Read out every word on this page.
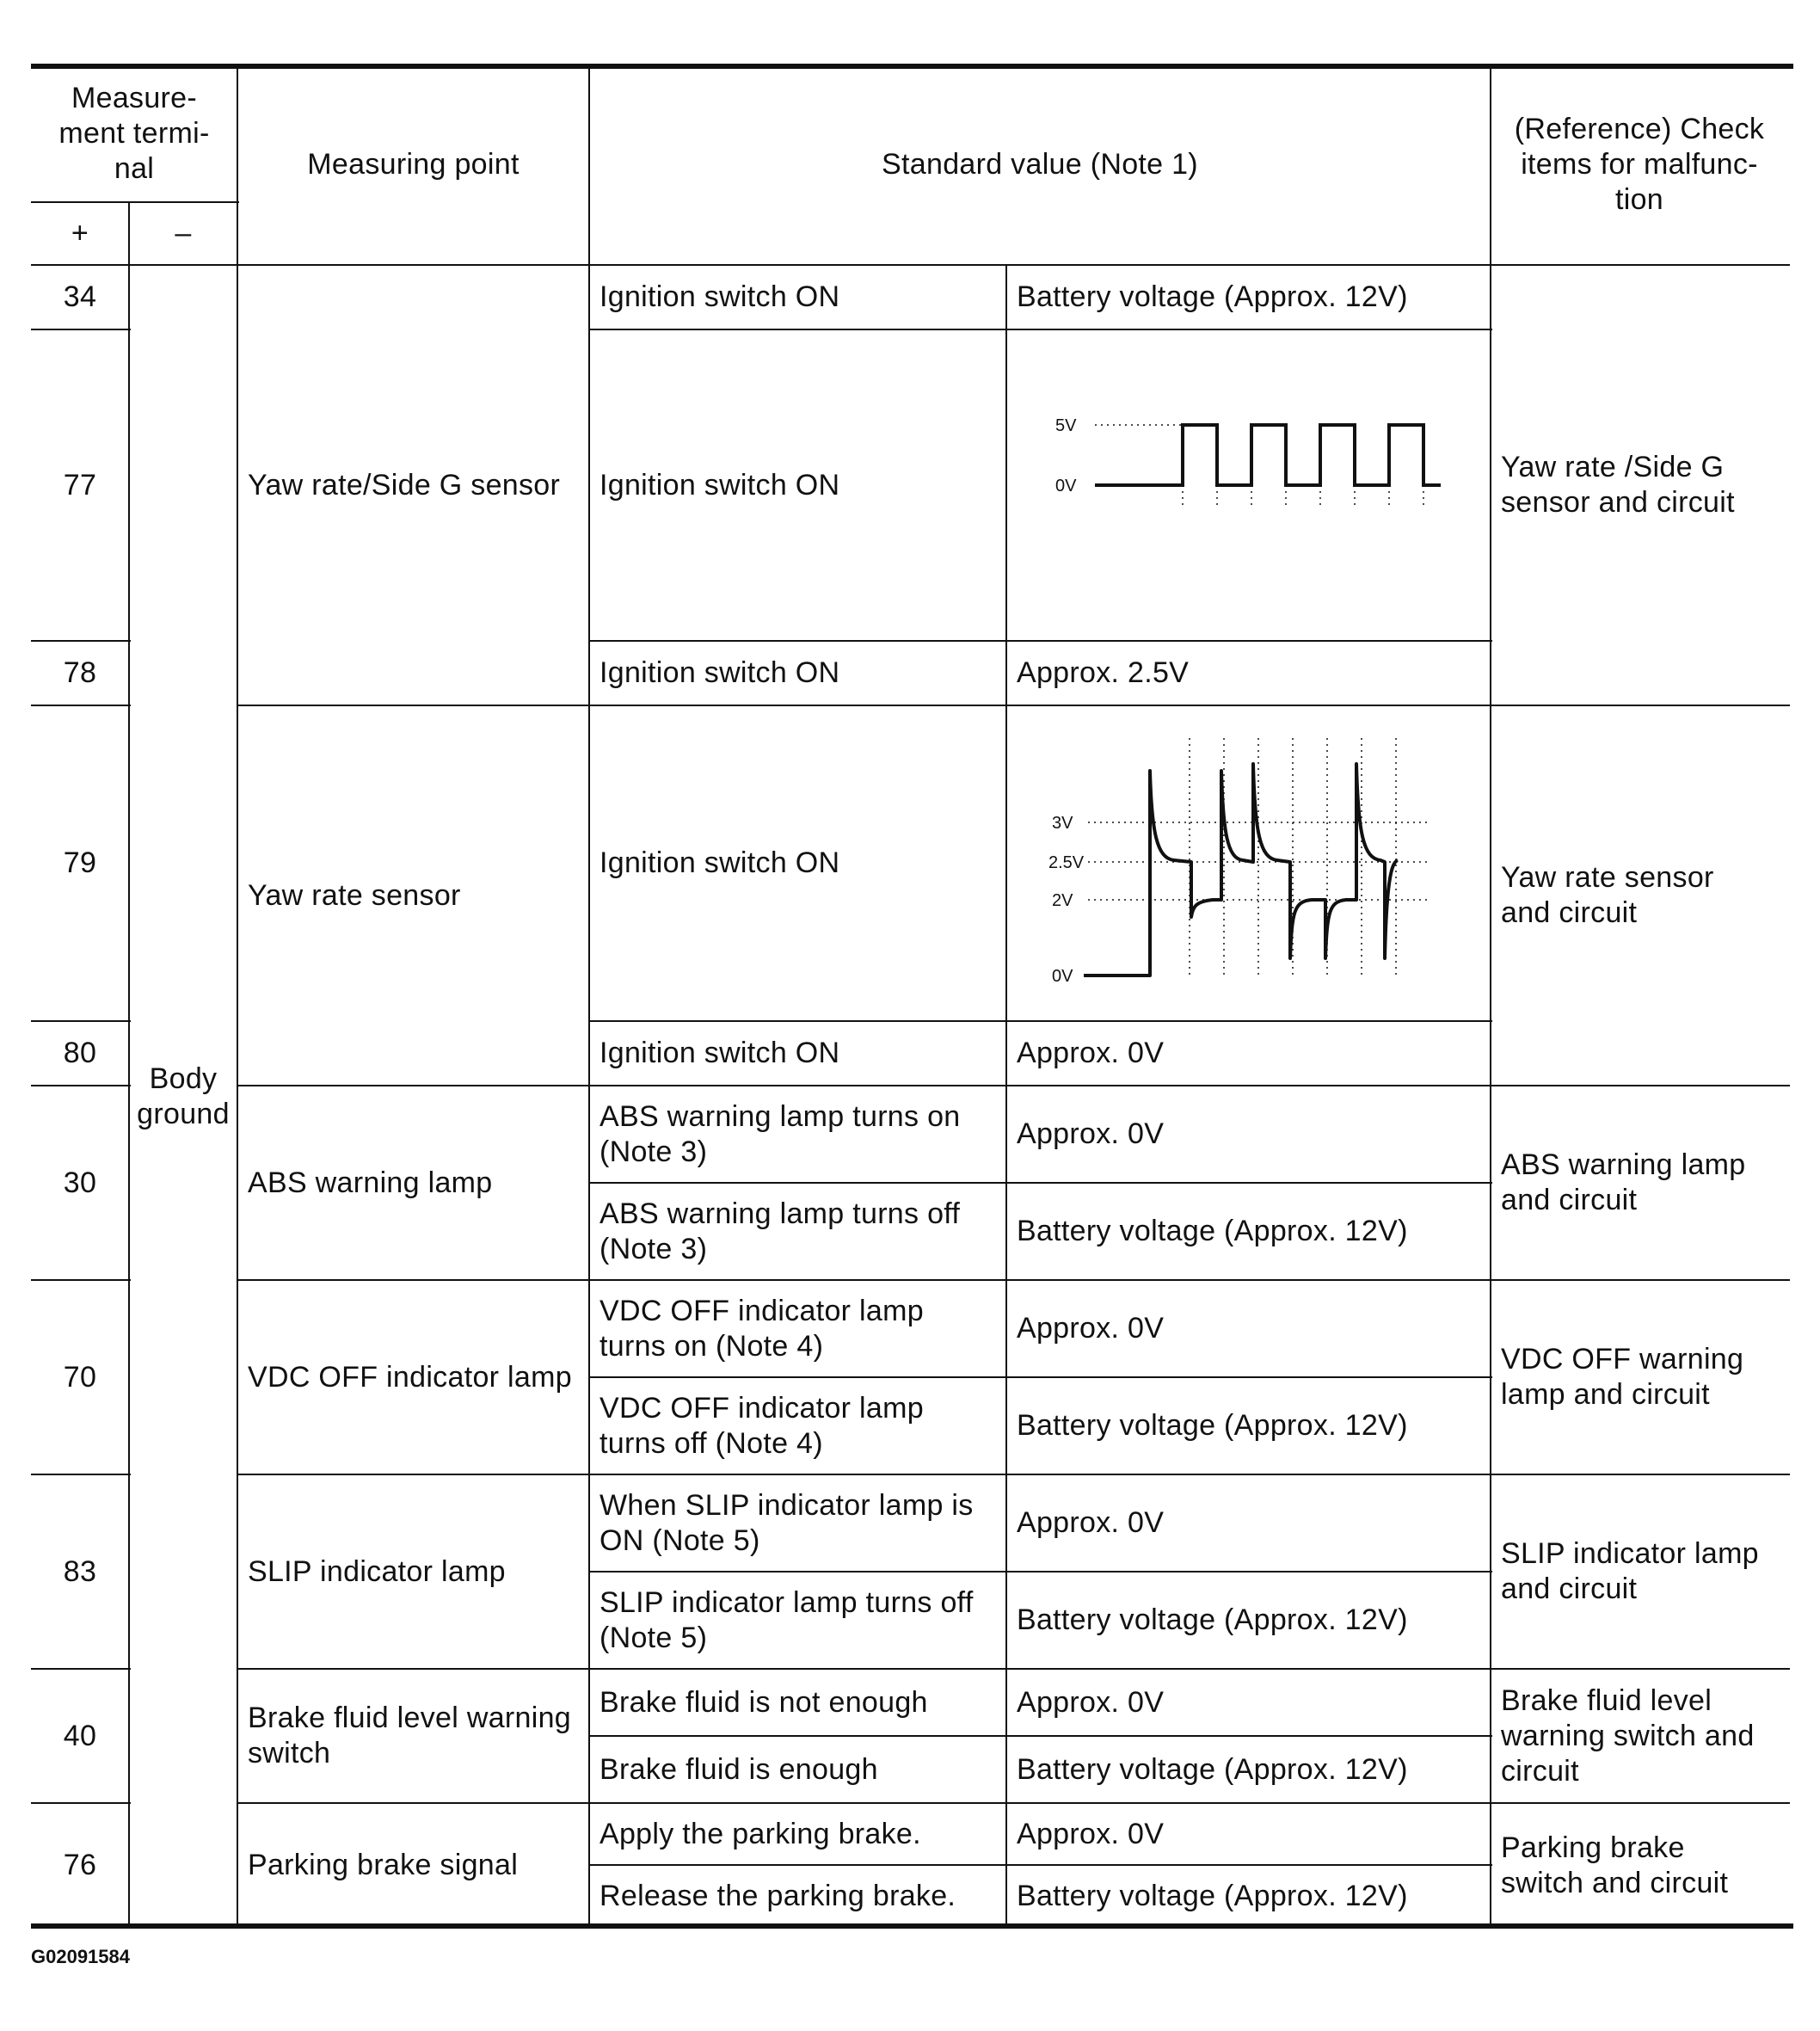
Measure-
ment termi-
nal
+	–
Measuring point	Standard value (Note 1)
(Reference) Check
items for malfunc-
tion
34
77
78
79
80
30
70
83
40
76
Body
ground
Yaw rate/Side G sensor
Yaw rate sensor
ABS warning lamp
VDC OFF indicator lamp
SLIP indicator lamp
Brake fluid level warning
switch
Parking brake signal
Ignition switch ON
Ignition switch ON
Ignition switch ON
Ignition switch ON
Ignition switch ON
ABS warning lamp turns on
(Note 3)
ABS warning lamp turns off
(Note 3)
VDC OFF indicator lamp
turns on (Note 4)
VDC OFF indicator lamp
turns off (Note 4)
When SLIP indicator lamp is
ON (Note 5)
SLIP indicator lamp turns off
(Note 5)
Brake fluid is not enough
Brake fluid is enough
Apply the parking brake.
Release the parking brake.
Battery voltage (Approx. 12V)
Approx. 2.5V
Approx. 0V
Approx. 0V
Battery voltage (Approx. 12V)
Approx. 0V
Battery voltage (Approx. 12V)
Approx. 0V
Battery voltage (Approx. 12V)
Approx. 0V
Battery voltage (Approx. 12V)
Approx. 0V
Battery voltage (Approx. 12V)
Yaw rate /Side G
sensor and circuit
Yaw rate sensor
and circuit
ABS warning lamp
and circuit
VDC OFF warning
lamp and circuit
SLIP indicator lamp
and circuit
Brake fluid level
warning switch and
circuit
Parking brake
switch and circuit
5V
0V
3V
2.5V
2V
0V
G02091584
